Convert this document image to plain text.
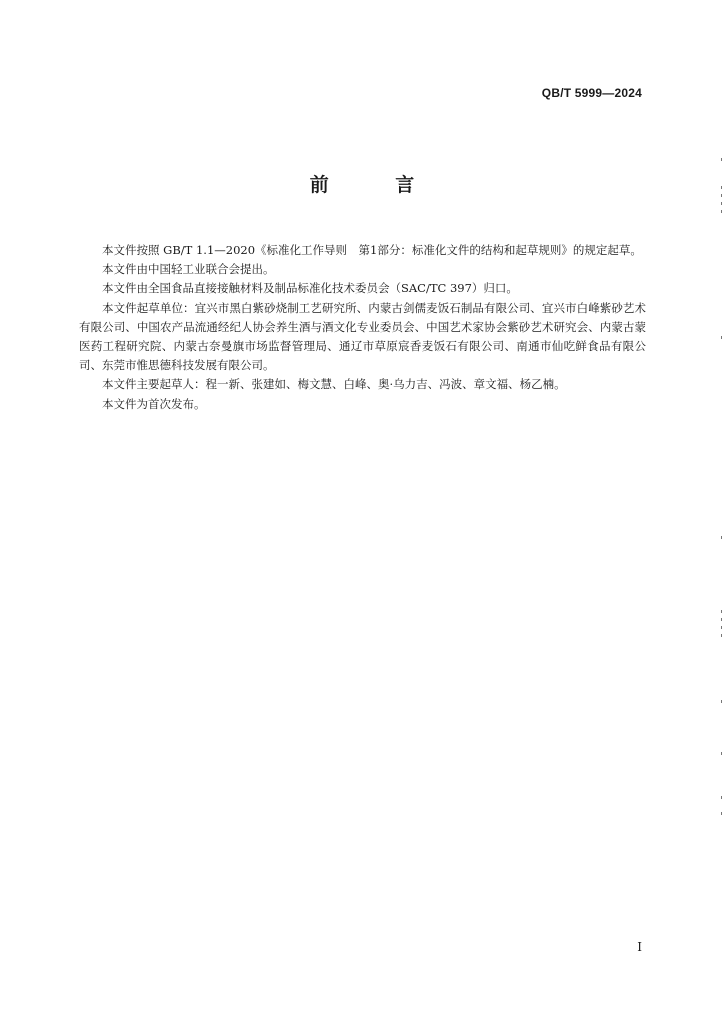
QB/T 5999—2024
前 言

本文件按照 GB/T 1.1—2020《标准化工作导则　第1部分：标准化文件的结构和起草规则》的规定起草。

本文件由中国轻工业联合会提出。

本文件由全国食品直接接触材料及制品标准化技术委员会（SAC/TC 397）归口。

本文件起草单位：宜兴市黑白紫砂烧制工艺研究所、内蒙古剑儒麦饭石制品有限公司、宜兴市白峰紫砂艺术有限公司、中国农产品流通经纪人协会养生酒与酒文化专业委员会、中国艺术家协会紫砂艺术研究会、内蒙古蒙医药工程研究院、内蒙古奈曼旗市场监督管理局、通辽市草原宸香麦饭石有限公司、南通市仙吃鲜食品有限公司、东莞市惟思德科技发展有限公司。

本文件主要起草人：程一新、张建如、梅文慧、白峰、奥·乌力吉、冯波、章文福、杨乙楠。

本文件为首次发布。

I
